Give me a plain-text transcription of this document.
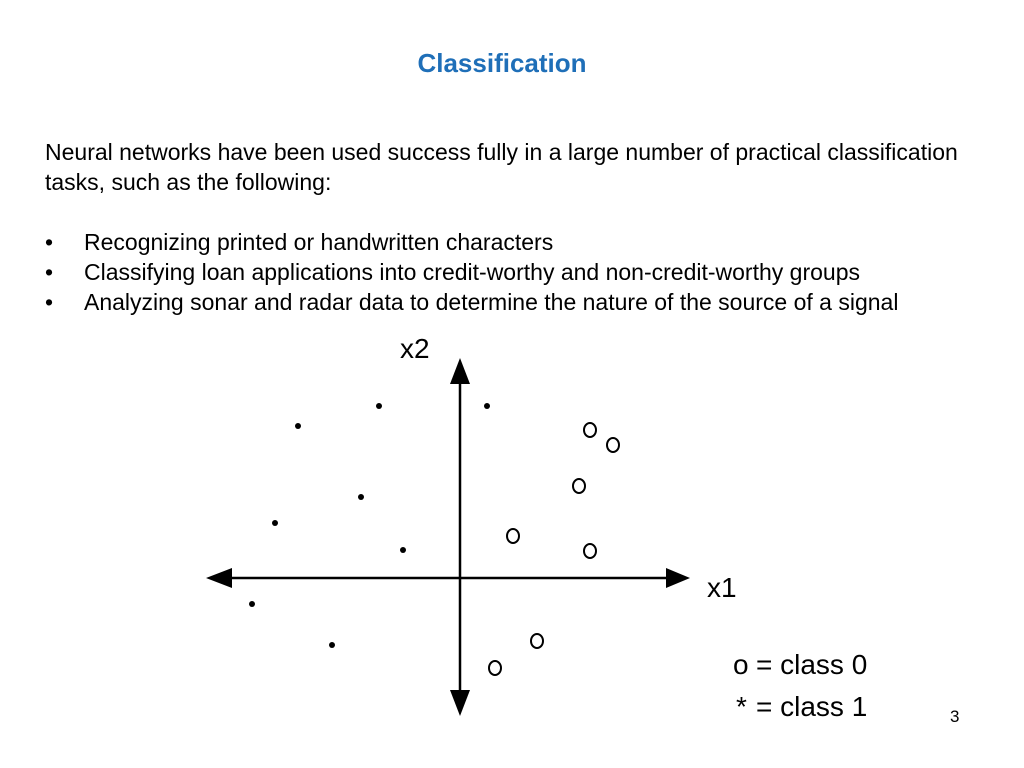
Classification

Neural networks have been used success fully in a large number of practical classification

tasks, such as the following:

• Recognizing printed or handwritten characters
• Classifying loan applications into credit-worthy and non-credit-worthy groups
• Analyzing sonar and radar data to determine the nature of the source of a signal
x2
x1
o = class 0
* = class 1	3
